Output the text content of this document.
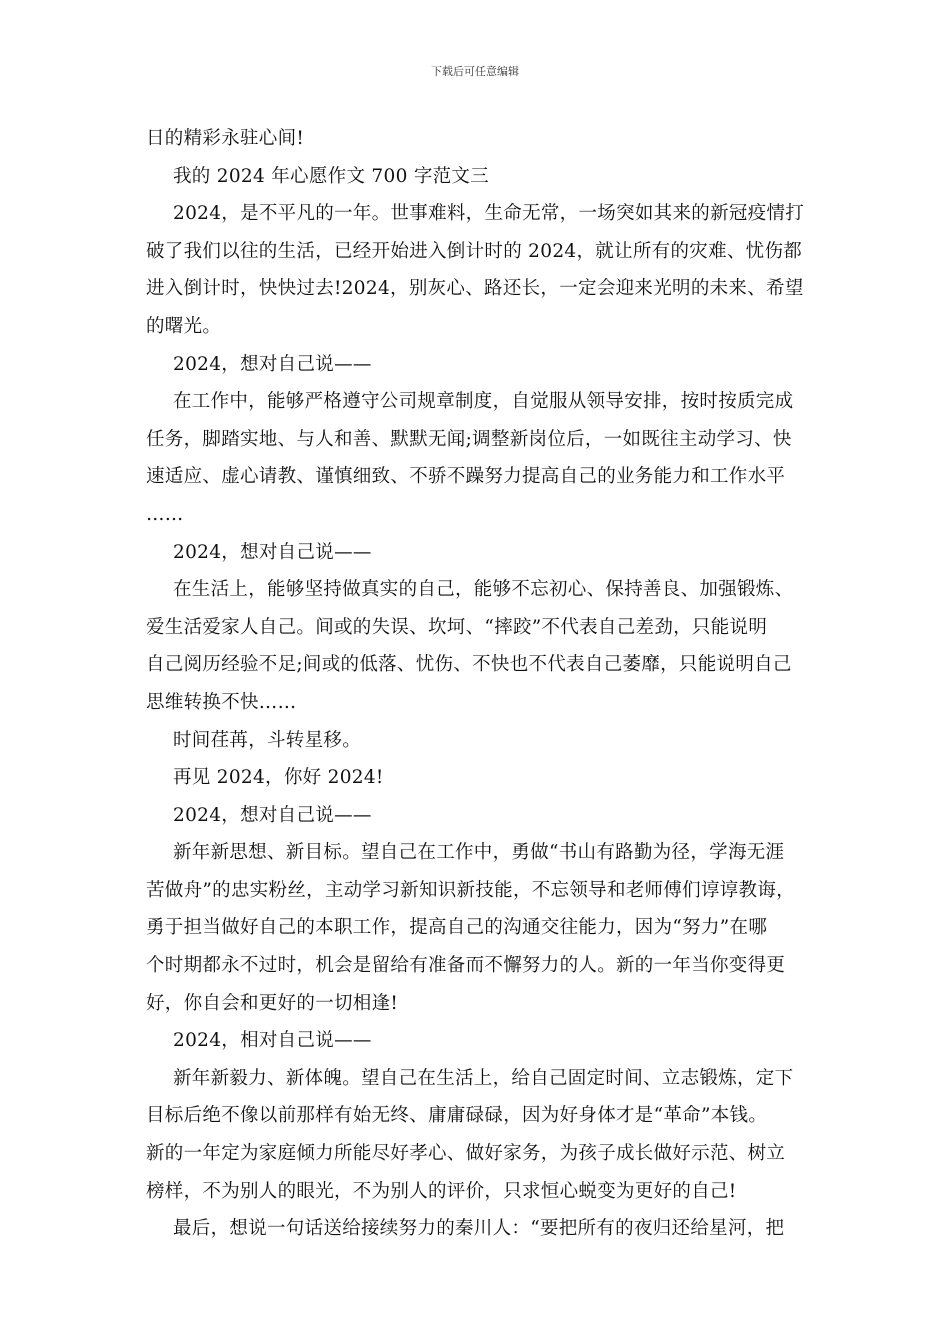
下载后可任意编辑
日的精彩永驻心间!
我的 2024 年心愿作文 700 字范文三
2024，是不平凡的一年。世事难料，生命无常，一场突如其来的新冠疫情打
破了我们以往的生活，已经开始进入倒计时的 2024，就让所有的灾难、忧伤都
进入倒计时，快快过去!2024，别灰心、路还长，一定会迎来光明的未来、希望
的曙光。
2024，想对自己说——
在工作中，能够严格遵守公司规章制度，自觉服从领导安排，按时按质完成
任务，脚踏实地、与人和善、默默无闻;调整新岗位后，一如既往主动学习、快
速适应、虚心请教、谨慎细致、不骄不躁努力提高自己的业务能力和工作水平
……
2024，想对自己说——
在生活上，能够坚持做真实的自己，能够不忘初心、保持善良、加强锻炼、
爱生活爱家人自己。间或的失误、坎坷、“摔跤”不代表自己差劲，只能说明
自己阅历经验不足;间或的低落、忧伤、不快也不代表自己萎靡，只能说明自己
思维转换不快……
时间荏苒，斗转星移。
再见 2024，你好 2024!
2024，想对自己说——
新年新思想、新目标。望自己在工作中，勇做“书山有路勤为径，学海无涯
苦做舟”的忠实粉丝，主动学习新知识新技能，不忘领导和老师傅们谆谆教诲，
勇于担当做好自己的本职工作，提高自己的沟通交往能力，因为“努力”在哪
个时期都永不过时，机会是留给有准备而不懈努力的人。新的一年当你变得更
好，你自会和更好的一切相逢!
2024，相对自己说——
新年新毅力、新体魄。望自己在生活上，给自己固定时间、立志锻炼，定下
目标后绝不像以前那样有始无终、庸庸碌碌，因为好身体才是“革命”本钱。
新的一年定为家庭倾力所能尽好孝心、做好家务，为孩子成长做好示范、树立
榜样，不为别人的眼光，不为别人的评价，只求恒心蜕变为更好的自己!
最后，想说一句话送给接续努力的秦川人：“要把所有的夜归还给星河，把
